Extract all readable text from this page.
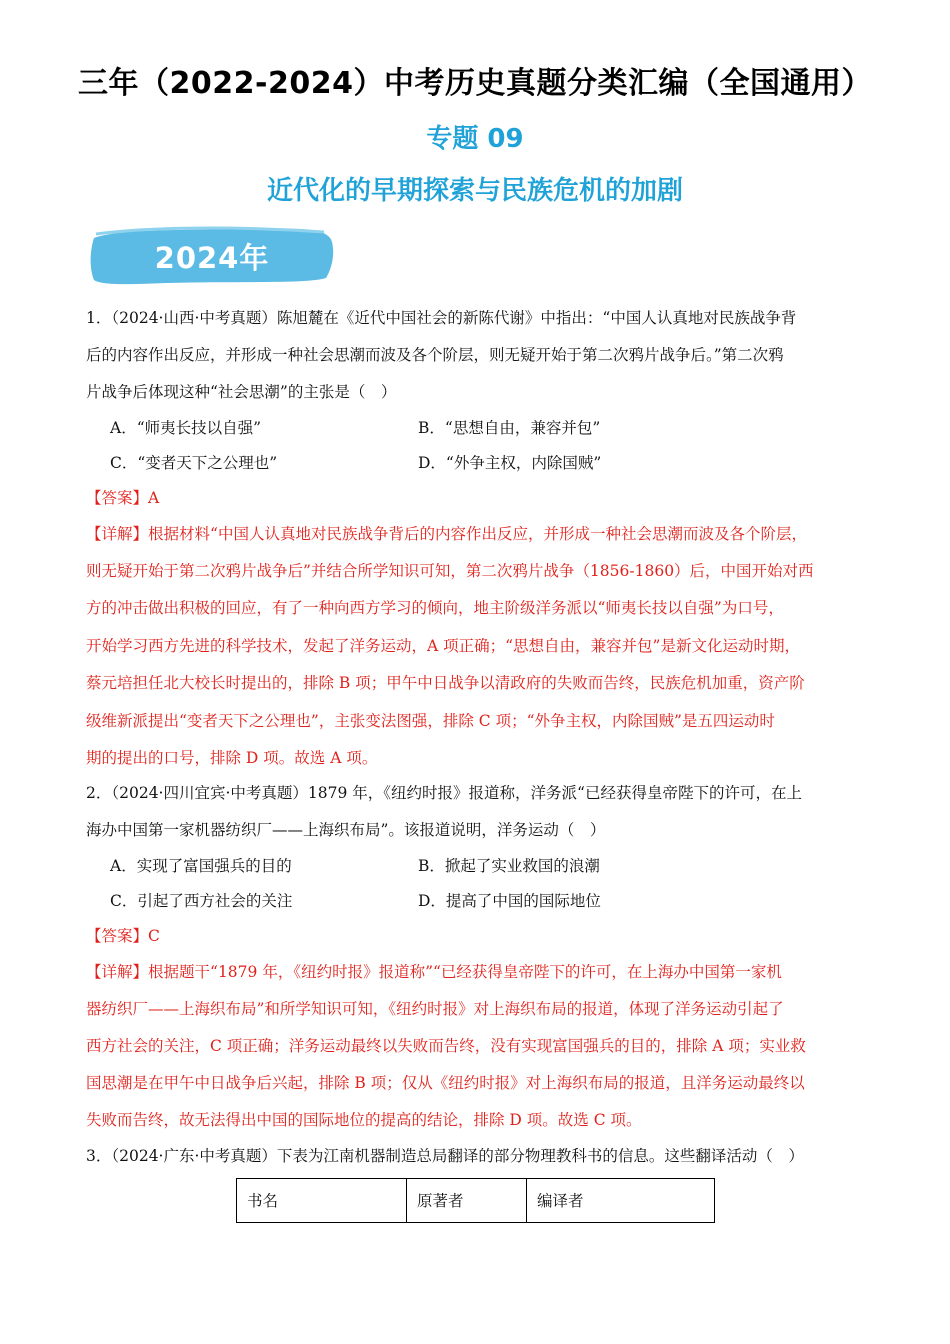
三年（2022-2024）中考历史真题分类汇编（全国通用）
专题 09
近代化的早期探索与民族危机的加剧
2024年
1．（2024·山西·中考真题）陈旭麓在《近代中国社会的新陈代谢》中指出：“中国人认真地对民族战争背
后的内容作出反应，并形成一种社会思潮而波及各个阶层，则无疑开始于第二次鸦片战争后。”第二次鸦
片战争后体现这种“社会思潮”的主张是（　）
A．“师夷长技以自强”	B．“思想自由，兼容并包”
C．“变者天下之公理也”	D．“外争主权，内除国贼”
【答案】A
【详解】根据材料“中国人认真地对民族战争背后的内容作出反应，并形成一种社会思潮而波及各个阶层，
则无疑开始于第二次鸦片战争后”并结合所学知识可知，第二次鸦片战争（1856-1860）后，中国开始对西
方的冲击做出积极的回应，有了一种向西方学习的倾向，地主阶级洋务派以“师夷长技以自强”为口号，
开始学习西方先进的科学技术，发起了洋务运动，A 项正确；“思想自由，兼容并包”是新文化运动时期，
蔡元培担任北大校长时提出的，排除 B 项；甲午中日战争以清政府的失败而告终，民族危机加重，资产阶
级维新派提出“变者天下之公理也”，主张变法图强，排除 C 项；“外争主权，内除国贼”是五四运动时
期的提出的口号，排除 D 项。故选 A 项。
2．（2024·四川宜宾·中考真题）1879 年，《纽约时报》报道称，洋务派“已经获得皇帝陛下的许可，在上
海办中国第一家机器纺织厂——上海织布局”。该报道说明，洋务运动（　）
A．实现了富国强兵的目的	B．掀起了实业救国的浪潮
C．引起了西方社会的关注	D．提高了中国的国际地位
【答案】C
【详解】根据题干“1879 年，《纽约时报》报道称”“已经获得皇帝陛下的许可，在上海办中国第一家机
器纺织厂——上海织布局”和所学知识可知，《纽约时报》对上海织布局的报道，体现了洋务运动引起了
西方社会的关注，C 项正确；洋务运动最终以失败而告终，没有实现富国强兵的目的，排除 A 项；实业救
国思潮是在甲午中日战争后兴起，排除 B 项；仅从《纽约时报》对上海织布局的报道，且洋务运动最终以
失败而告终，故无法得出中国的国际地位的提高的结论，排除 D 项。故选 C 项。
3．（2024·广东·中考真题）下表为江南机器制造总局翻译的部分物理教科书的信息。这些翻译活动（　）
书名	原著者	编译者
